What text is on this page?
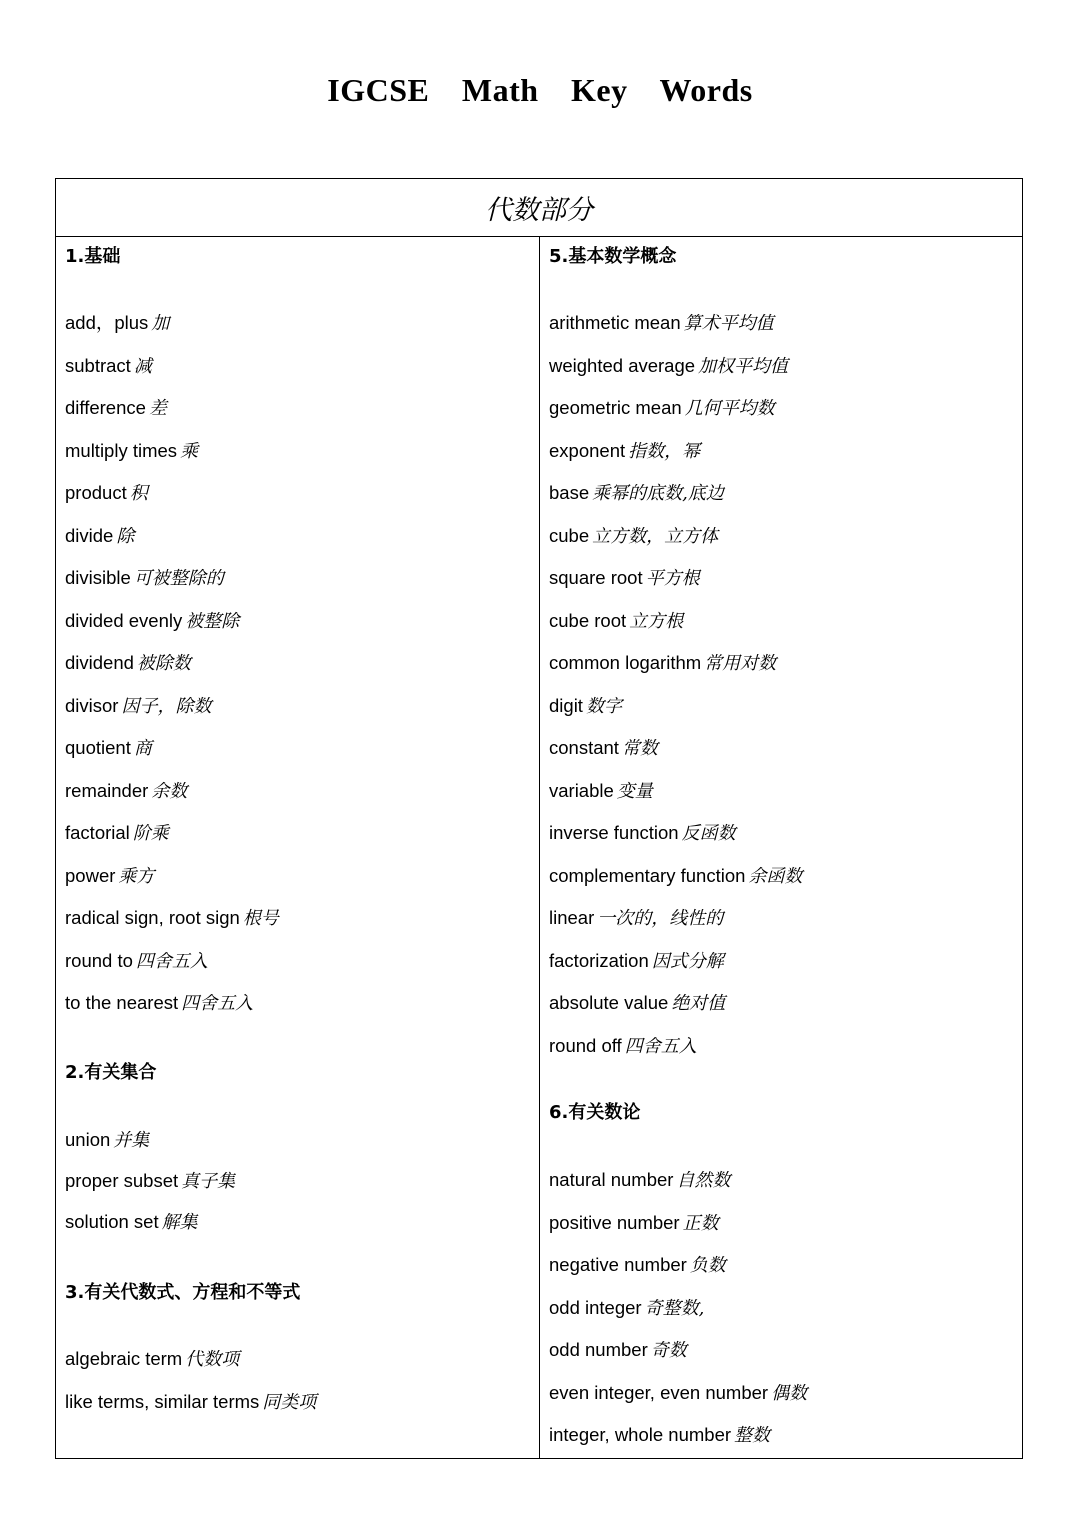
IGCSE Math Key Words
代数部分
1.基础
add，plus 加
subtract 减
difference 差
multiply times 乘
product 积
divide 除
divisible 可被整除的
divided evenly 被整除
dividend 被除数
divisor 因子，除数
quotient 商
remainder 余数
factorial 阶乘
power 乘方
radical sign, root sign 根号
round to 四舍五入
to the nearest 四舍五入
2.有关集合
union 并集
proper subset 真子集
solution set 解集
3.有关代数式、方程和不等式
algebraic term 代数项
like terms, similar terms 同类项
5.基本数学概念
arithmetic mean 算术平均值
weighted average 加权平均值
geometric mean 几何平均数
exponent 指数，幂
base 乘幂的底数,底边
cube 立方数，立方体
square root 平方根
cube root 立方根
common logarithm 常用对数
digit 数字
constant 常数
variable 变量
inverse function 反函数
complementary function 余函数
linear 一次的，线性的
factorization 因式分解
absolute value 绝对值
round off 四舍五入
6.有关数论
natural number 自然数
positive number 正数
negative number 负数
odd integer 奇整数,
odd number 奇数
even integer, even number 偶数
integer, whole number 整数
